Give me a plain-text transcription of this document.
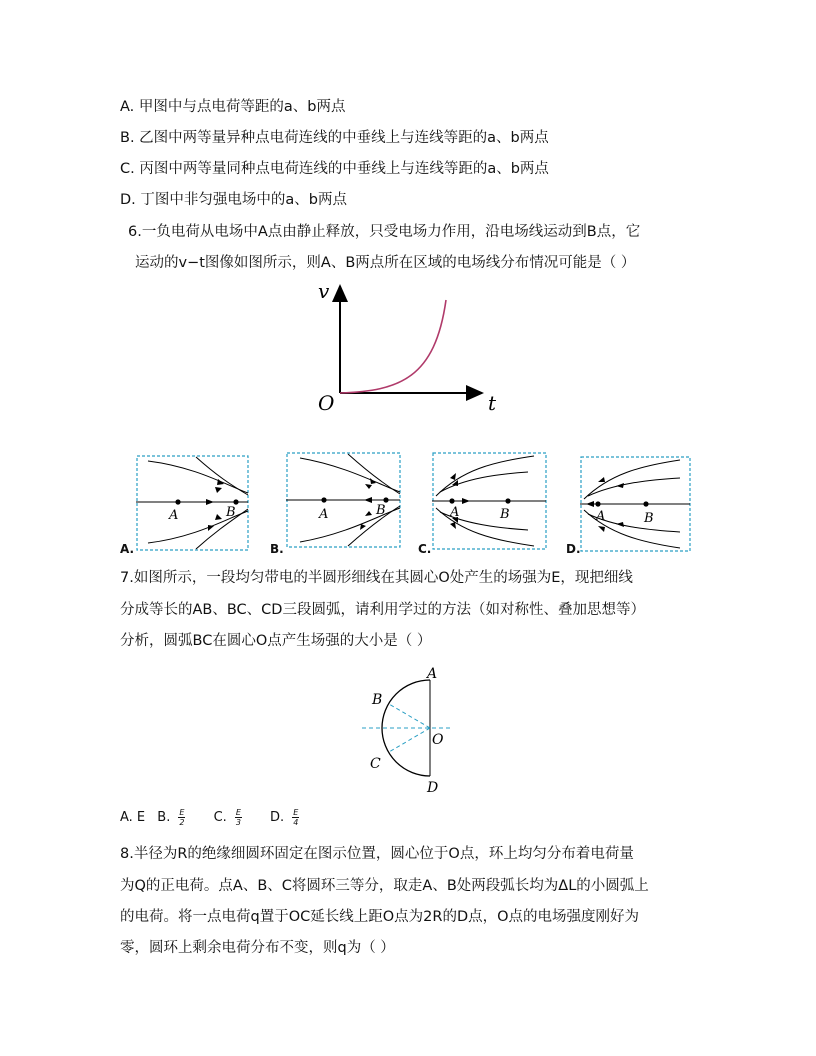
A. 甲图中与点电荷等距的a、b两点
B. 乙图中两等量异种点电荷连线的中垂线上与连线等距的a、b两点
C. 丙图中两等量同种点电荷连线的中垂线上与连线等距的a、b两点
D. 丁图中非匀强电场中的a、b两点
6.一负电荷从电场中A点由静止释放，只受电场力作用，沿电场线运动到B点，它
运动的v−t图像如图所示，则A、B两点所在区域的电场线分布情况可能是（ ）
v
t
O
A	B	A	B	A	B	A	B
A.	B.	C.	D.
7.如图所示，一段均匀带电的半圆形细线在其圆心O处产生的场强为E，现把细线
分成等长的AB、BC、CD三段圆弧，请利用学过的方法（如对称性、叠加思想等）
分析，圆弧BC在圆心O点产生场强的大小是（ ）
A
B
O
C
D
A. E B. $\frac{E}{2} C$. $\frac{E}{3} D$. $\frac{E}{4}$
8.半径为R的绝缘细圆环固定在图示位置，圆心位于O点，环上均匀分布着电荷量
为Q的正电荷。点A、B、C将圆环三等分，取走A、B处两段弧长均为ΔL的小圆弧上
的电荷。将一点电荷q置于OC延长线上距O点为2R的D点，O点的电场强度刚好为
零，圆环上剩余电荷分布不变，则q为（ ）
